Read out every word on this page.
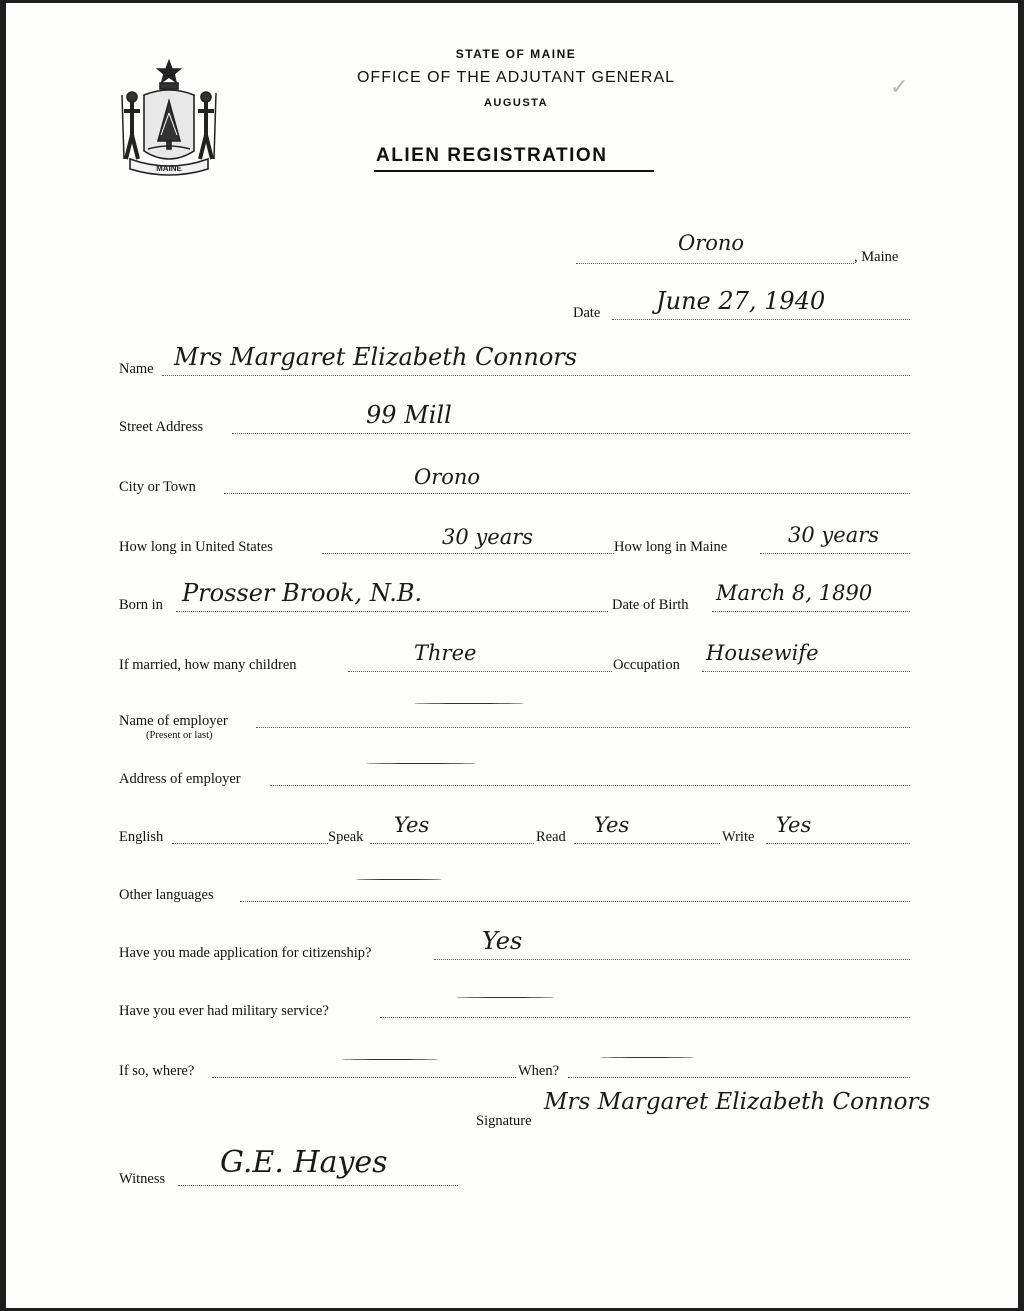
MAINE
STATE OF MAINE
OFFICE OF THE ADJUTANT GENERAL
AUGUSTA
ALIEN REGISTRATION
✓
Orono
, Maine
Date June 27, 1940
Name Mrs Margaret Elizabeth Connors
Street Address	99 Mill
City or Town	Orono
How long in United States	30 years	How long in Maine	30 years
Born in Prosser Brook, N.B.	Date of Birth March 8, 1890
If married, how many children	Three	Occupation Housewife
Name of employer
(Present or last)
Address of employer
English	Speak Yes	Read Yes	Write Yes
Other languages
Have you made application for citizenship?	Yes
Have you ever had military service?
If so, where?	When?
Signature
Mrs Margaret Elizabeth Connors
Witness G.E. Hayes
